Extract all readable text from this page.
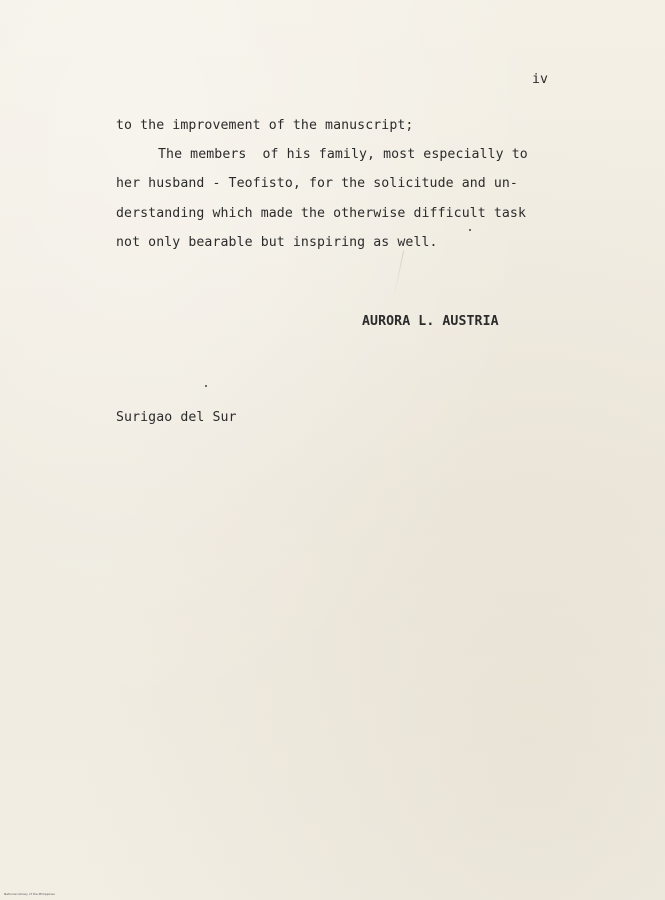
iv
to the improvement of the manuscript;
The members  of his family, most especially to
her husband - Teofisto, for the solicitude and un-
derstanding which made the otherwise difficult task
not only bearable but inspiring as well.
AURORA L. AUSTRIA
Surigao del Sur
National Library of the Philippines
